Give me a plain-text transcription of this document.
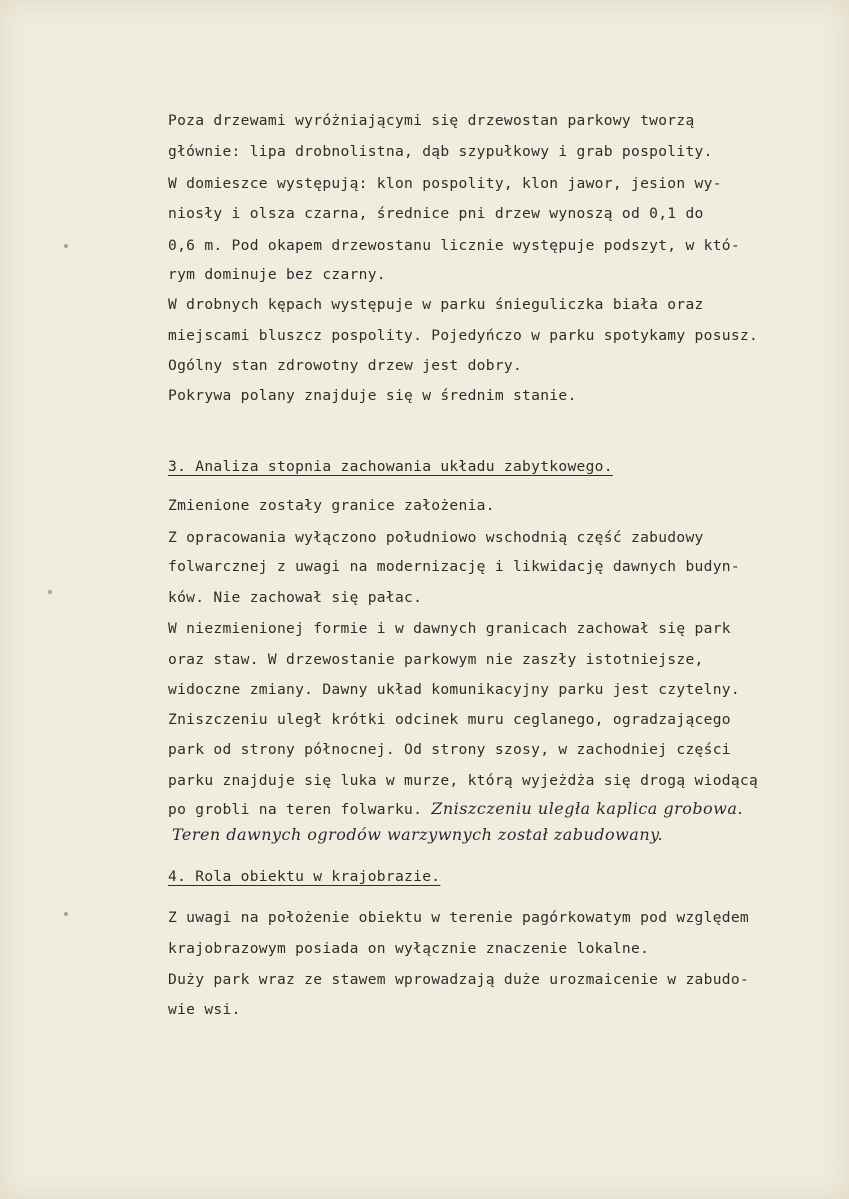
Poza drzewami wyróżniającymi się drzewostan parkowy tworzą
głównie: lipa drobnolistna, dąb szypułkowy i grab pospolity.
W domieszce występują: klon pospolity, klon jawor, jesion wy-
niosły i olsza czarna, średnice pni drzew wynoszą od 0,1 do
0,6 m. Pod okapem drzewostanu licznie występuje podszyt, w któ-
rym dominuje bez czarny.
W drobnych kępach występuje w parku śnieguliczka biała oraz
miejscami bluszcz pospolity. Pojedyńczo w parku spotykamy posusz.
Ogólny stan zdrowotny drzew jest dobry.
Pokrywa polany znajduje się w średnim stanie.
3. Analiza stopnia zachowania układu zabytkowego.
Zmienione zostały granice założenia.
Z opracowania wyłączono południowo wschodnią część zabudowy
folwarcznej z uwagi na modernizację i likwidację dawnych budyn-
ków. Nie zachował się pałac.
W niezmienionej formie i w dawnych granicach zachował się park
oraz staw. W drzewostanie parkowym nie zaszły istotniejsze,
widoczne zmiany. Dawny układ komunikacyjny parku jest czytelny.
Zniszczeniu uległ krótki odcinek muru ceglanego, ogradzającego
park od strony północnej. Od strony szosy, w zachodniej części
parku znajduje się luka w murze, którą wyjeżdża się drogą wiodącą
po grobli na teren folwarku. Zniszczeniu uległa kaplica grobowa.
Teren dawnych ogrodów warzywnych został zabudowany.
4. Rola obiektu w krajobrazie.
Z uwagi na położenie obiektu w terenie pagórkowatym pod względem
krajobrazowym posiada on wyłącznie znaczenie lokalne.
Duży park wraz ze stawem wprowadzają duże urozmaicenie w zabudo-
wie wsi.
